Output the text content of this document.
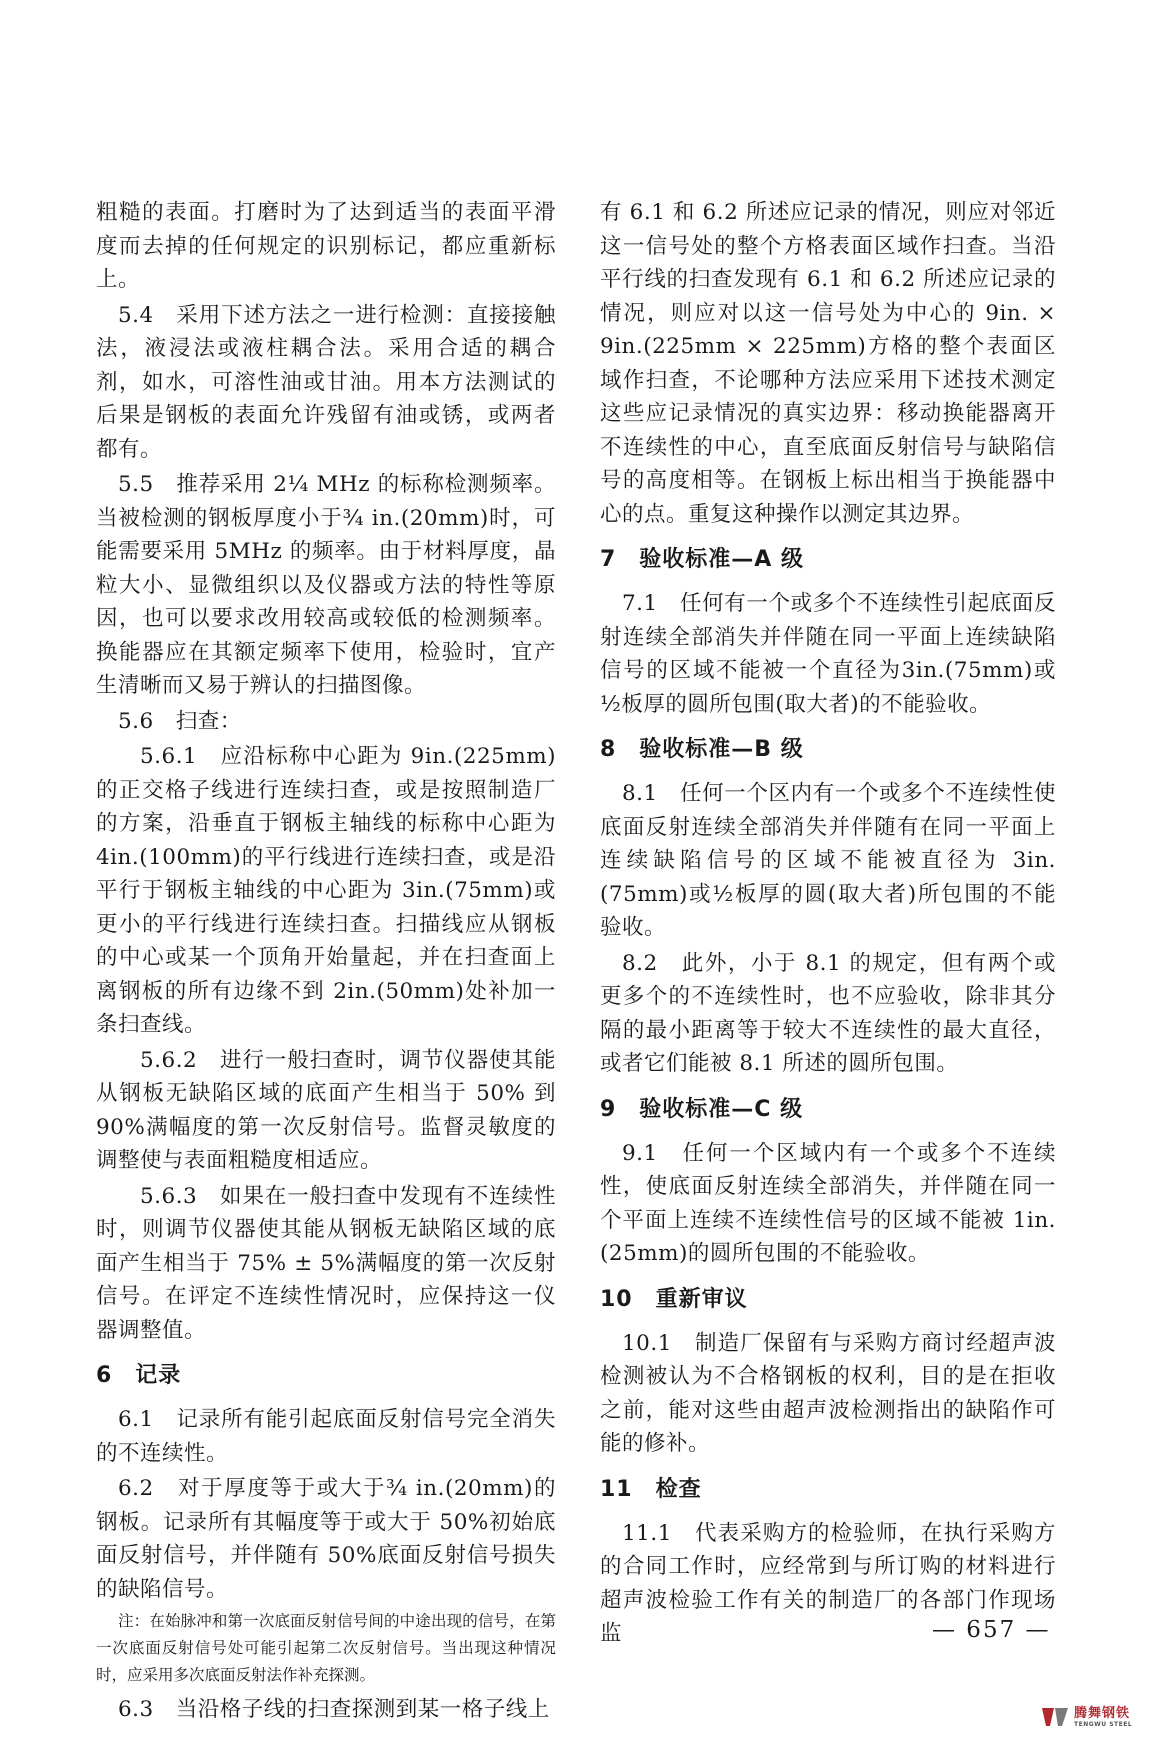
粗糙的表面。打磨时为了达到适当的表面平滑度而去掉的任何规定的识别标记，都应重新标上。

5.4　采用下述方法之一进行检测：直接接触法，液浸法或液柱耦合法。采用合适的耦合剂，如水，可溶性油或甘油。用本方法测试的后果是钢板的表面允许残留有油或锈，或两者都有。

5.5　推荐采用 2¼ MHz 的标称检测频率。当被检测的钢板厚度小于¾ in.(20mm)时，可能需要采用 5MHz 的频率。由于材料厚度，晶粒大小、显微组织以及仪器或方法的特性等原因，也可以要求改用较高或较低的检测频率。换能器应在其额定频率下使用，检验时，宜产生清晰而又易于辨认的扫描图像。

5.6　扫查：

5.6.1　应沿标称中心距为 9in.(225mm)的正交格子线进行连续扫查，或是按照制造厂的方案，沿垂直于钢板主轴线的标称中心距为 4in.(100mm)的平行线进行连续扫查，或是沿平行于钢板主轴线的中心距为 3in.(75mm)或更小的平行线进行连续扫查。扫描线应从钢板的中心或某一个顶角开始量起，并在扫查面上离钢板的所有边缘不到 2in.(50mm)处补加一条扫查线。

5.6.2　进行一般扫查时，调节仪器使其能从钢板无缺陷区域的底面产生相当于 50% 到 90%满幅度的第一次反射信号。监督灵敏度的调整使与表面粗糙度相适应。

5.6.3　如果在一般扫查中发现有不连续性时，则调节仪器使其能从钢板无缺陷区域的底面产生相当于 75% ± 5%满幅度的第一次反射信号。在评定不连续性情况时，应保持这一仪器调整值。

6　记录

6.1　记录所有能引起底面反射信号完全消失的不连续性。

6.2　对于厚度等于或大于¾ in.(20mm)的钢板。记录所有其幅度等于或大于 50%初始底面反射信号，并伴随有 50%底面反射信号损失的缺陷信号。

注：在始脉冲和第一次底面反射信号间的中途出现的信号，在第一次底面反射信号处可能引起第二次反射信号。当出现这种情况时，应采用多次底面反射法作补充探测。

6.3　当沿格子线的扫查探测到某一格子线上

有 6.1 和 6.2 所述应记录的情况，则应对邻近这一信号处的整个方格表面区域作扫查。当沿平行线的扫查发现有 6.1 和 6.2 所述应记录的情况，则应对以这一信号处为中心的 9in. × 9in.(225mm × 225mm)方格的整个表面区域作扫查，不论哪种方法应采用下述技术测定这些应记录情况的真实边界：移动换能器离开不连续性的中心，直至底面反射信号与缺陷信号的高度相等。在钢板上标出相当于换能器中心的点。重复这种操作以测定其边界。

7　验收标准—A 级

7.1　任何有一个或多个不连续性引起底面反射连续全部消失并伴随在同一平面上连续缺陷信号的区域不能被一个直径为3in.(75mm)或½板厚的圆所包围(取大者)的不能验收。

8　验收标准—B 级

8.1　任何一个区内有一个或多个不连续性使底面反射连续全部消失并伴随有在同一平面上连续缺陷信号的区域不能被直径为 3in.(75mm)或½板厚的圆(取大者)所包围的不能验收。

8.2　此外，小于 8.1 的规定，但有两个或更多个的不连续性时，也不应验收，除非其分隔的最小距离等于较大不连续性的最大直径，或者它们能被 8.1 所述的圆所包围。

9　验收标准—C 级

9.1　任何一个区域内有一个或多个不连续性，使底面反射连续全部消失，并伴随在同一个平面上连续不连续性信号的区域不能被 1in.(25mm)的圆所包围的不能验收。

10　重新审议

10.1　制造厂保留有与采购方商讨经超声波检测被认为不合格钢板的权利，目的是在拒收之前，能对这些由超声波检测指出的缺陷作可能的修补。

11　检查

11.1　代表采购方的检验师，在执行采购方的合同工作时，应经常到与所订购的材料进行超声波检验工作有关的制造厂的各部门作现场监	— 657 —
腾舞钢铁
TENGWU STEEL
